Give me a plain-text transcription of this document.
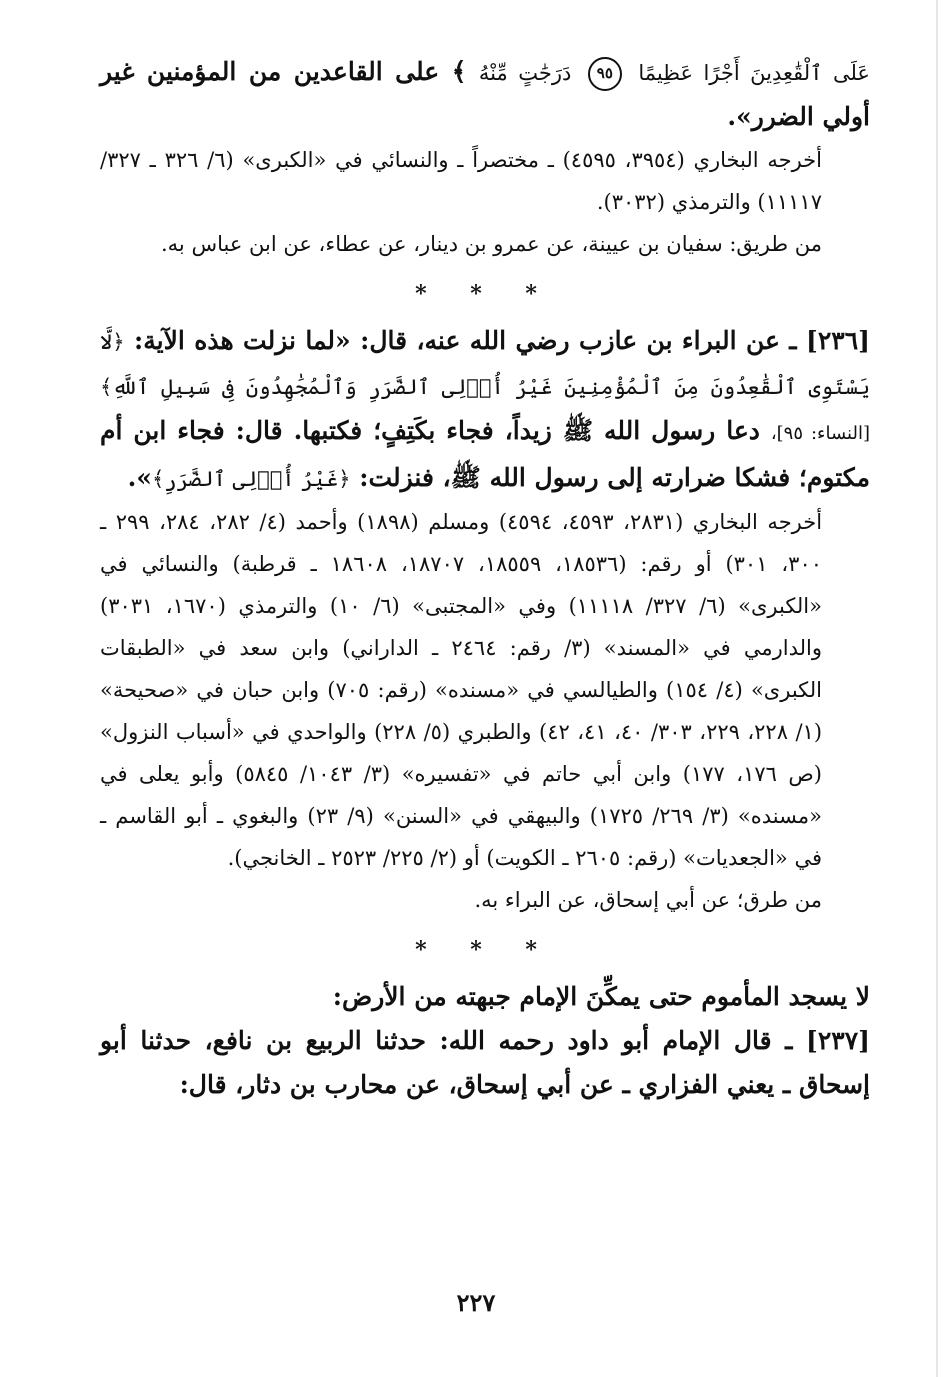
عَلَى ٱلْقَٰعِدِينَ أَجْرًا عَظِيمًا ٩٥ دَرَجَٰتٍ مِّنْهُ ﴾ على القاعدين من المؤمنين غير أولي الضرر».

أخرجه البخاري (٣٩٥٤، ٤٥٩٥) ـ مختصراً ـ والنسائي في «الكبرى» (٦/ ٣٢٦ ـ ٣٢٧/ ١١١١٧) والترمذي (٣٠٣٢).

من طريق: سفيان بن عيينة، عن عمرو بن دينار، عن عطاء، عن ابن عباس به.

* * *

[٢٣٦] ـ عن البراء بن عازب رضي الله عنه، قال: «لما نزلت هذه الآية: ﴿لَّا يَسْتَوِى ٱلْقَٰعِدُونَ مِنَ ٱلْمُؤْمِنِينَ غَيْرُ أُو۟لِى ٱلضَّرَرِ وَٱلْمُجَٰهِدُونَ فِى سَبِيلِ ٱللَّهِ﴾ [النساء: ٩٥]، دعا رسول الله ﷺ زيداً، فجاء بكَتِفٍ؛ فكتبها. قال: فجاء ابن أم مكتوم؛ فشكا ضرارته إلى رسول الله ﷺ، فنزلت: ﴿غَيْرُ أُو۟لِى ٱلضَّرَرِ﴾».

أخرجه البخاري (٢٨٣١، ٤٥٩٣، ٤٥٩٤) ومسلم (١٨٩٨) وأحمد (٤/ ٢٨٢، ٢٨٤، ٢٩٩ ـ ٣٠٠، ٣٠١) أو رقم: (١٨٥٣٦، ١٨٥٥٩، ١٨٧٠٧، ١٨٦٠٨ ـ قرطبة) والنسائي في «الكبرى» (٦/ ٣٢٧/ ١١١١٨) وفي «المجتبى» (٦/ ١٠) والترمذي (١٦٧٠، ٣٠٣١) والدارمي في «المسند» (٣/ رقم: ٢٤٦٤ ـ الداراني) وابن سعد في «الطبقات الكبرى» (٤/ ١٥٤) والطيالسي في «مسنده» (رقم: ٧٠٥) وابن حبان في «صحيحة» (١/ ٢٢٨، ٢٢٩، ٣٠٣/ ٤٠، ٤١، ٤٢) والطبري (٥/ ٢٢٨) والواحدي في «أسباب النزول» (ص ١٧٦، ١٧٧) وابن أبي حاتم في «تفسيره» (٣/ ١٠٤٣/ ٥٨٤٥) وأبو يعلى في «مسنده» (٣/ ٢٦٩/ ١٧٢٥) والبيهقي في «السنن» (٩/ ٢٣) والبغوي ـ أبو القاسم ـ في «الجعديات» (رقم: ٢٦٠٥ ـ الكويت) أو (٢/ ٢٢٥/ ٢٥٢٣ ـ الخانجي).

من طرق؛ عن أبي إسحاق، عن البراء به.

* * *

لا يسجد المأموم حتى يمكِّنَ الإمام جبهته من الأرض:

[٢٣٧] ـ قال الإمام أبو داود رحمه الله: حدثنا الربيع بن نافع، حدثنا أبو إسحاق ـ يعني الفزاري ـ عن أبي إسحاق، عن محارب بن دثار، قال:

٢٢٧
